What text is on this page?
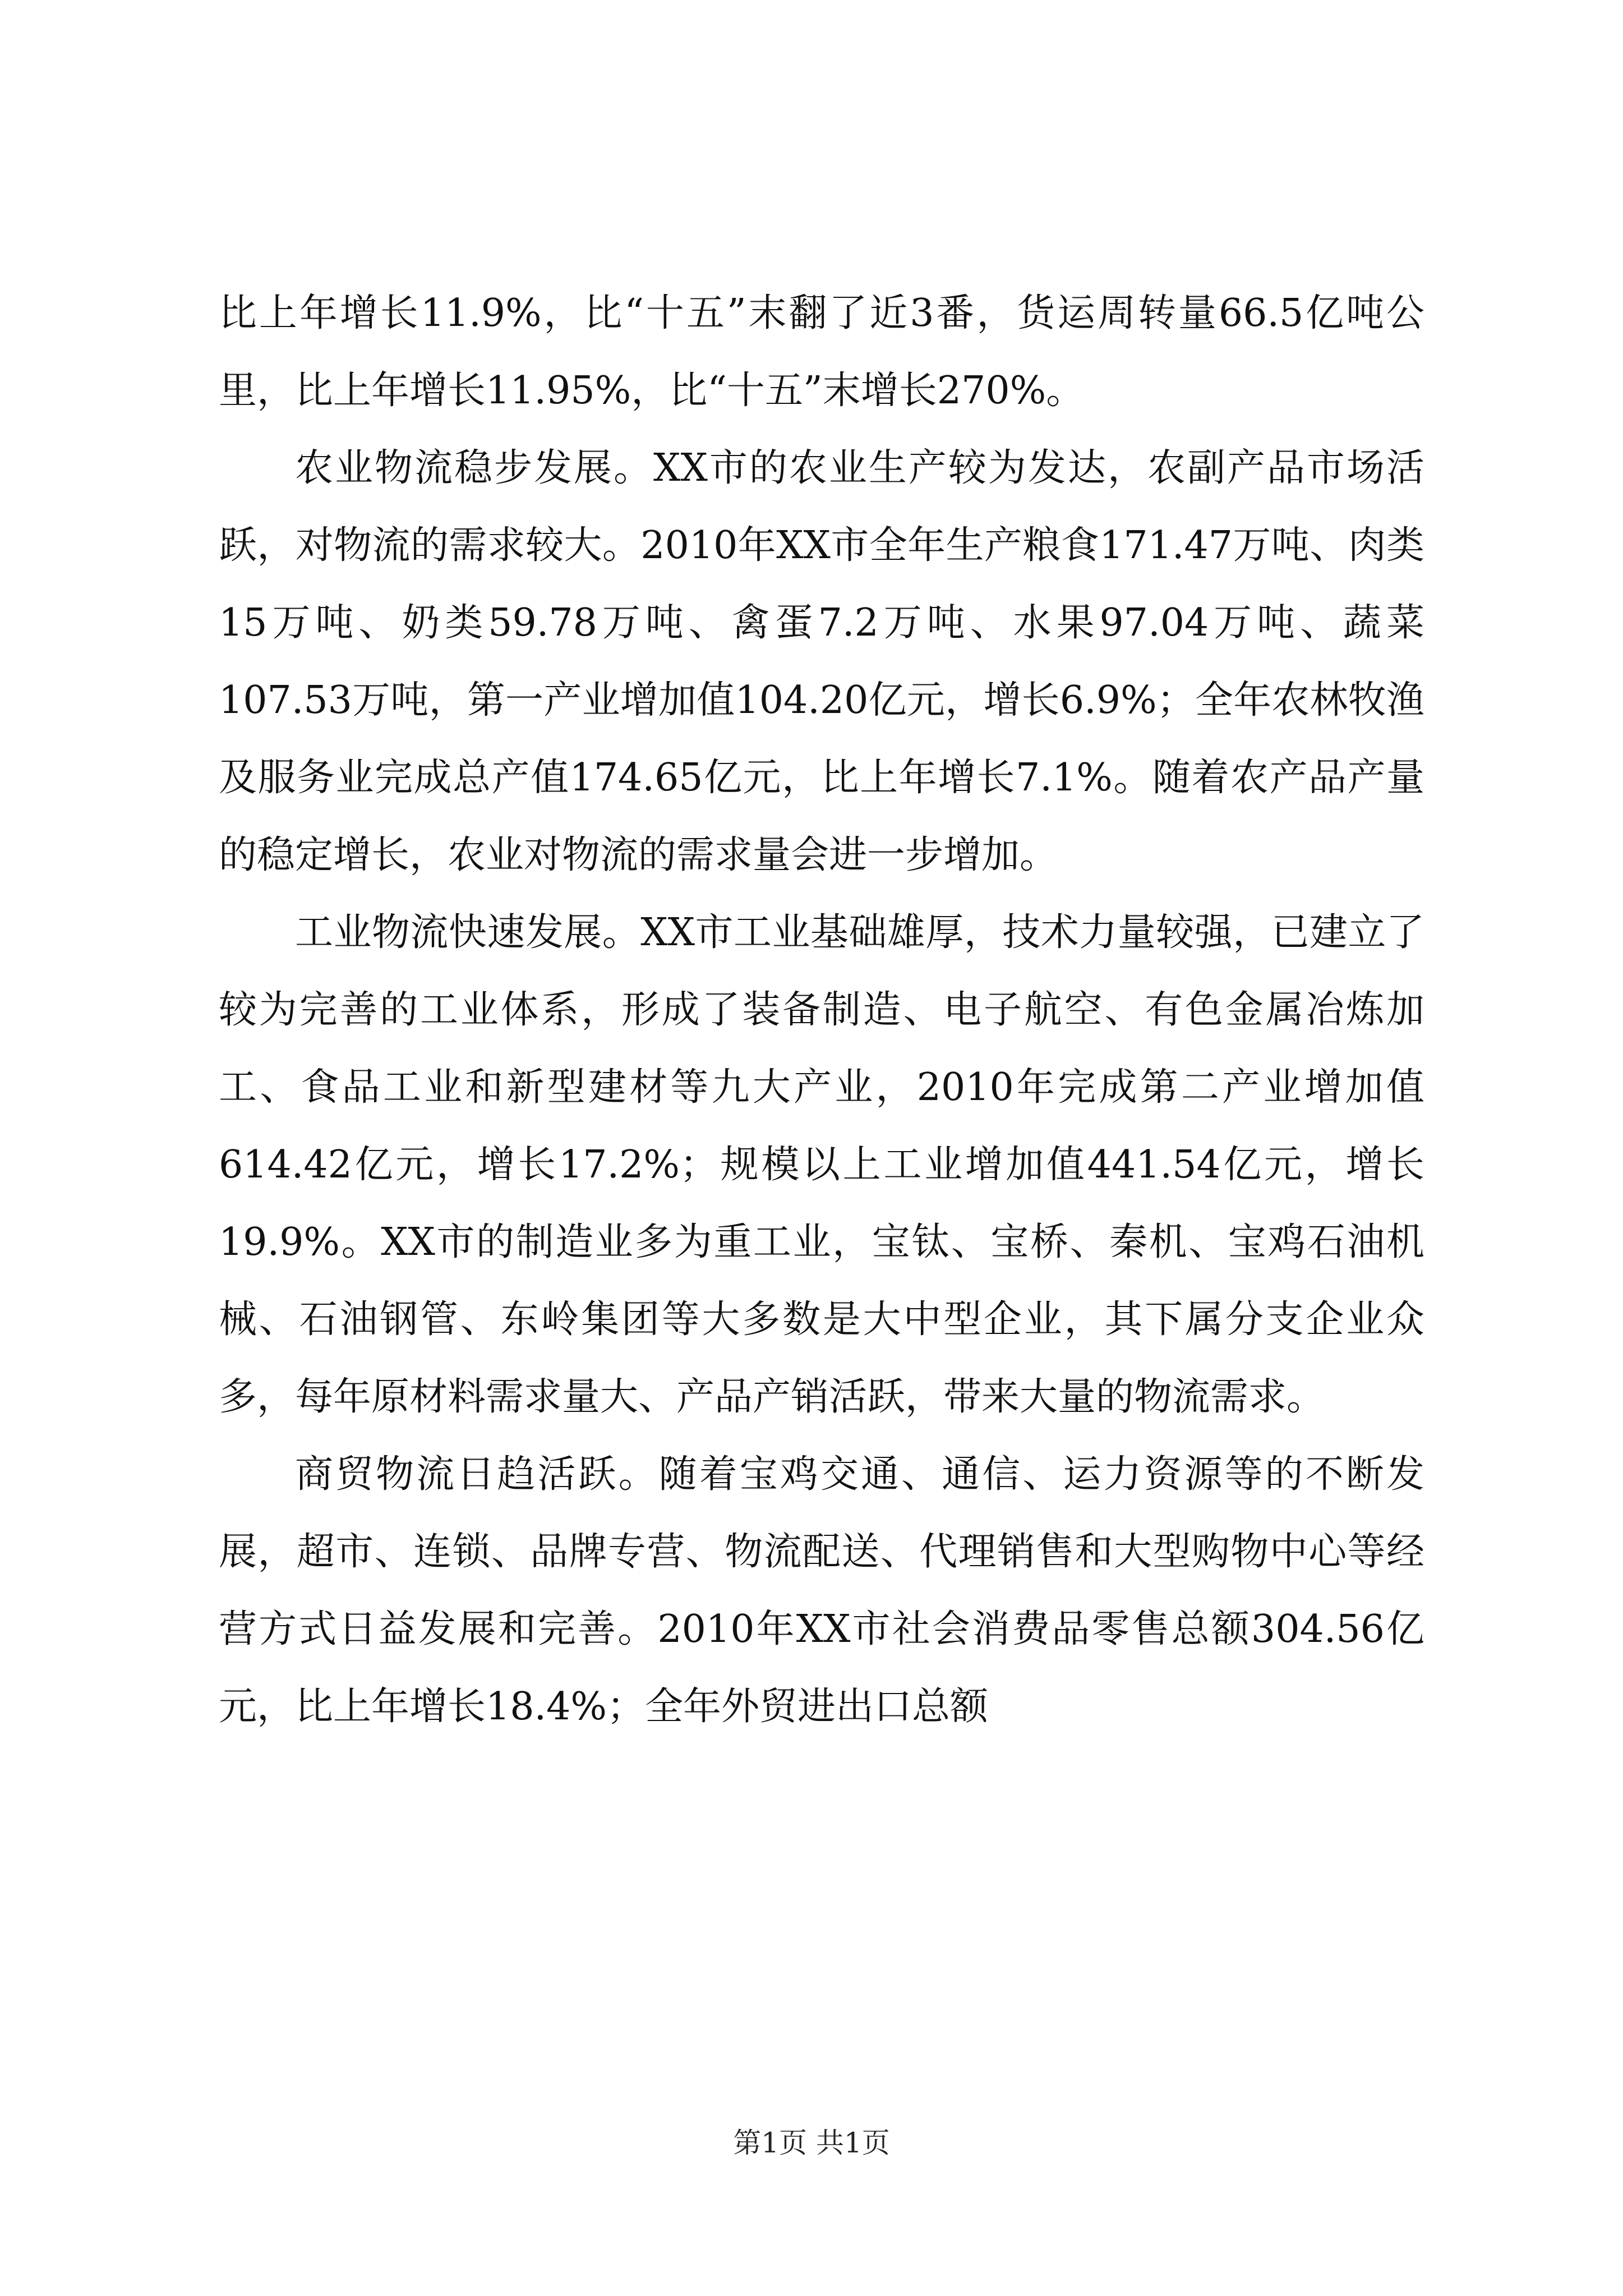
比上年增长11.9%，比“十五”末翻了近3番，货运周转量66.5亿吨公里，比上年增长11.95%，比“十五”末增长270%。

农业物流稳步发展。XX市的农业生产较为发达，农副产品市场活跃，对物流的需求较大。2010年XX市全年生产粮食171.47万吨、肉类15万吨、奶类59.78万吨、禽蛋7.2万吨、水果97.04万吨、蔬菜107.53万吨，第一产业增加值104.20亿元，增长6.9%；全年农林牧渔及服务业完成总产值174.65亿元，比上年增长7.1%。随着农产品产量的稳定增长，农业对物流的需求量会进一步增加。

工业物流快速发展。XX市工业基础雄厚，技术力量较强，已建立了较为完善的工业体系，形成了装备制造、电子航空、有色金属冶炼加工、食品工业和新型建材等九大产业，2010年完成第二产业增加值614.42亿元，增长17.2%；规模以上工业增加值441.54亿元，增长19.9%。XX市的制造业多为重工业，宝钛、宝桥、秦机、宝鸡石油机械、石油钢管、东岭集团等大多数是大中型企业，其下属分支企业众多，每年原材料需求量大、产品产销活跃，带来大量的物流需求。

商贸物流日趋活跃。随着宝鸡交通、通信、运力资源等的不断发展，超市、连锁、品牌专营、物流配送、代理销售和大型购物中心等经营方式日益发展和完善。2010年XX市社会消费品零售总额304.56亿元，比上年增长18.4%；全年外贸进出口总额

第1页 共1页
